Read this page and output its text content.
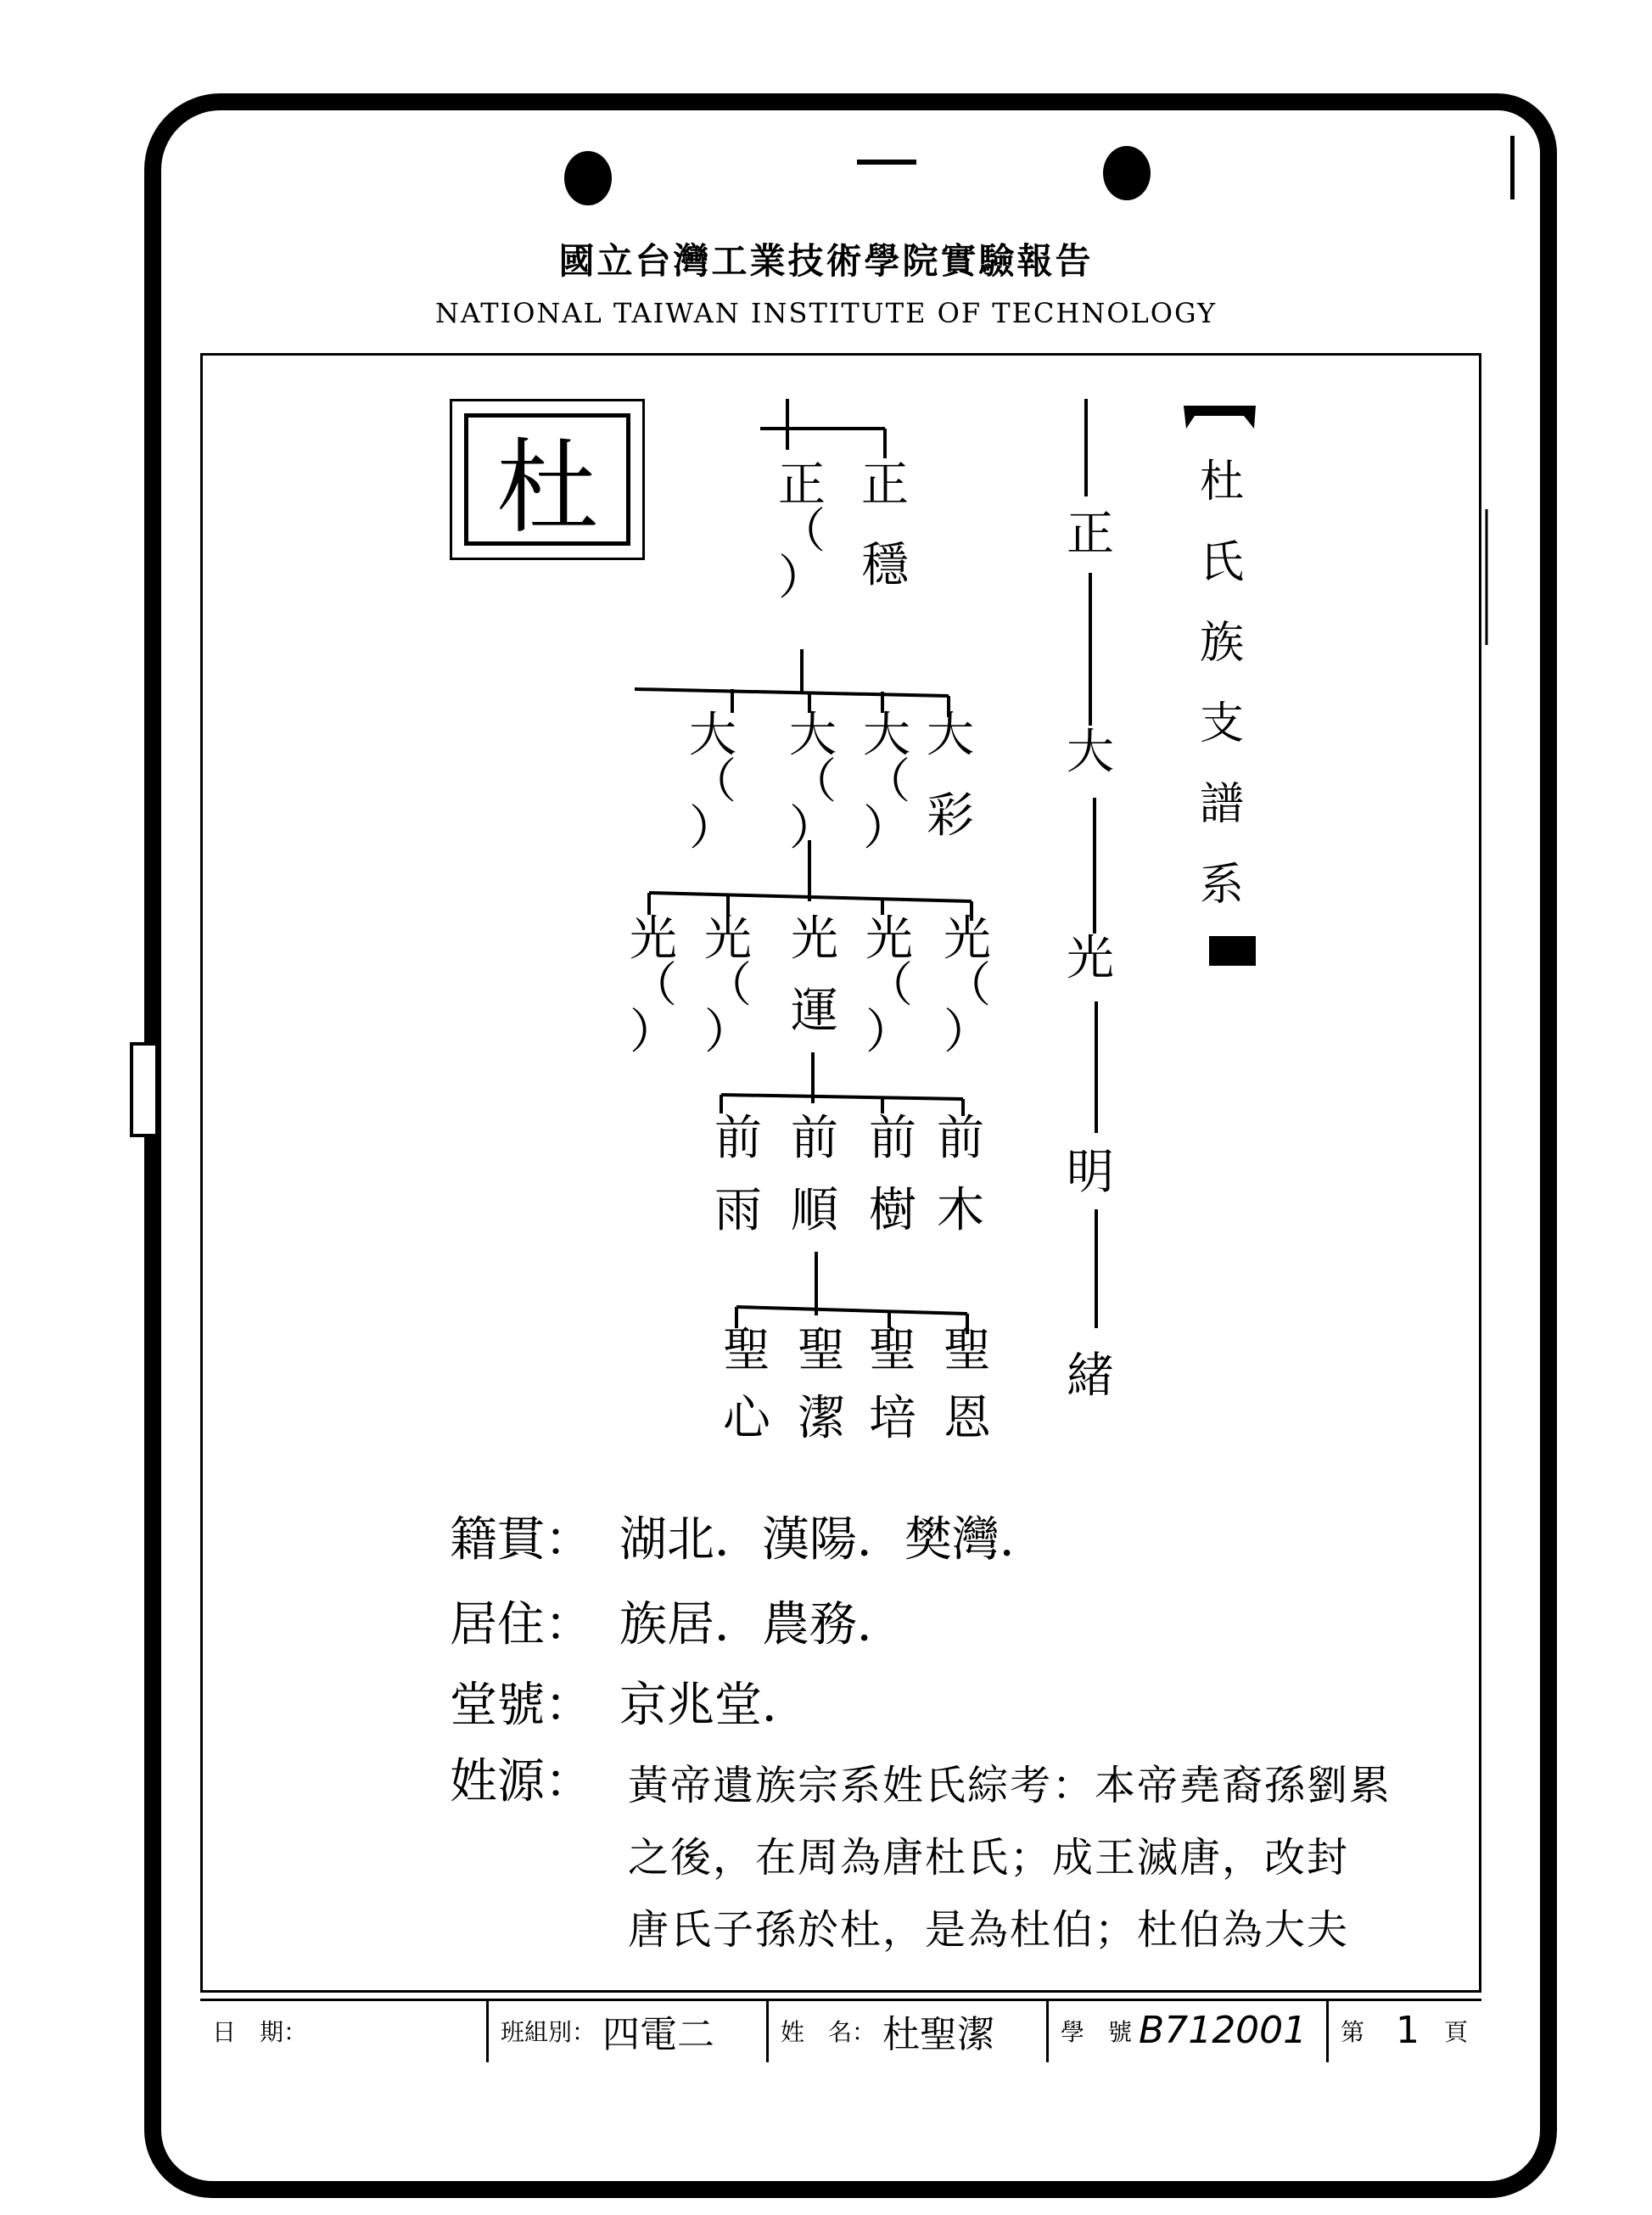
國立台灣工業技術學院實驗報告
NATIONAL TAIWAN INSTITUTE OF TECHNOLOGY
杜	正（）
正穩
大（）
大（）
大（）
大彩
光（）
光（）
光運
光（）
光（）
前雨
前順
前樹
前木
聖心
聖潔
聖培
聖恩
正
大
光
明
緒
杜
氏
族
支
譜
系
籍貫： 湖北．漢陽．樊灣．
居住： 族居．農務．
堂號： 京兆堂．
姓源： 黃帝遺族宗系姓氏綜考：本帝堯裔孫劉累
之後，在周為唐杜氏；成王滅唐，改封
唐氏子孫於杜，是為杜伯；杜伯為大夫
日　期：	班組別： 四電二	姓　名： 杜聖潔	學　號 B712001 第 1 頁
